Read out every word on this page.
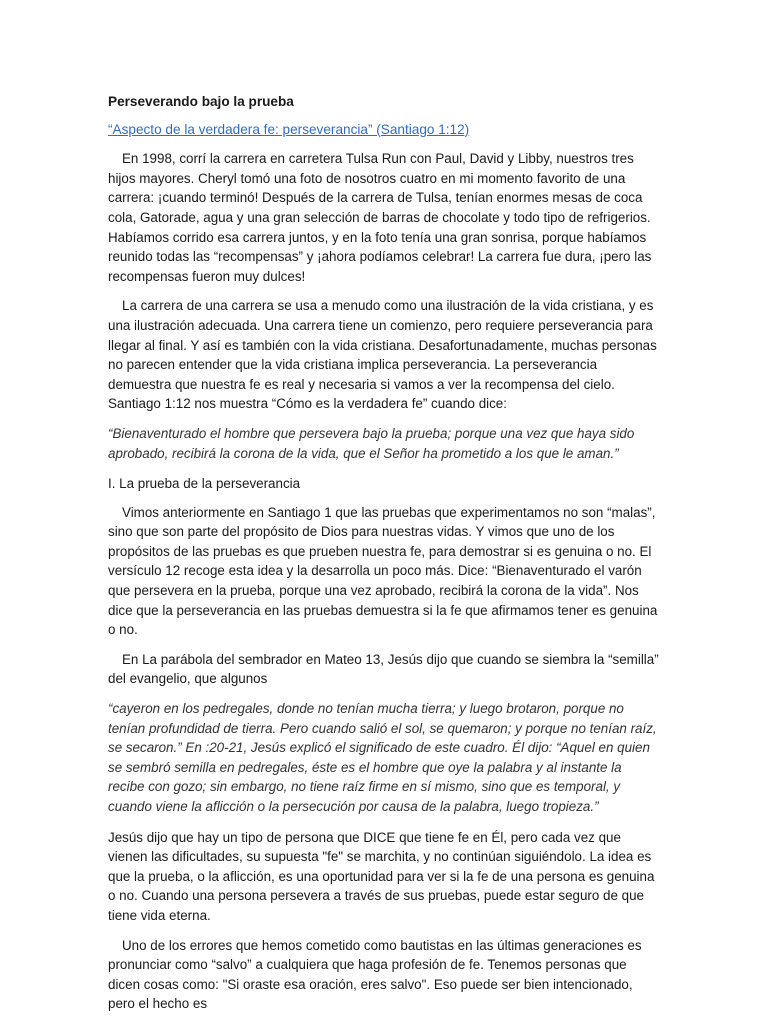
Perseverando bajo la prueba

“Aspecto de la verdadera fe: perseverancia” (Santiago 1:12)

En 1998, corrí la carrera en carretera Tulsa Run con Paul, David y Libby, nuestros tres hijos mayores. Cheryl tomó una foto de nosotros cuatro en mi momento favorito de una carrera: ¡cuando terminó! Después de la carrera de Tulsa, tenían enormes mesas de coca cola, Gatorade, agua y una gran selección de barras de chocolate y todo tipo de refrigerios. Habíamos corrido esa carrera juntos, y en la foto tenía una gran sonrisa, porque habíamos reunido todas las “recompensas” y ¡ahora podíamos celebrar! La carrera fue dura, ¡pero las recompensas fueron muy dulces!

La carrera de una carrera se usa a menudo como una ilustración de la vida cristiana, y es una ilustración adecuada. Una carrera tiene un comienzo, pero requiere perseverancia para llegar al final. Y así es también con la vida cristiana. Desafortunadamente, muchas personas no parecen entender que la vida cristiana implica perseverancia. La perseverancia demuestra que nuestra fe es real y necesaria si vamos a ver la recompensa del cielo. Santiago 1:12 nos muestra “Cómo es la verdadera fe” cuando dice:

“Bienaventurado el hombre que persevera bajo la prueba; porque una vez que haya sido aprobado, recibirá la corona de la vida, que el Señor ha prometido a los que le aman.”

I. La prueba de la perseverancia

Vimos anteriormente en Santiago 1 que las pruebas que experimentamos no son “malas”, sino que son parte del propósito de Dios para nuestras vidas. Y vimos que uno de los propósitos de las pruebas es que prueben nuestra fe, para demostrar si es genuina o no. El versículo 12 recoge esta idea y la desarrolla un poco más. Dice: “Bienaventurado el varón que persevera en la prueba, porque una vez aprobado, recibirá la corona de la vida”. Nos dice que la perseverancia en las pruebas demuestra si la fe que afirmamos tener es genuina o no.

En La parábola del sembrador en Mateo 13, Jesús dijo que cuando se siembra la “semilla” del evangelio, que algunos

“cayeron en los pedregales, donde no tenían mucha tierra; y luego brotaron, porque no tenían profundidad de tierra. Pero cuando salió el sol, se quemaron; y porque no tenían raíz, se secaron.” En :20-21, Jesús explicó el significado de este cuadro. Él dijo: “Aquel en quien se sembró semilla en pedregales, éste es el hombre que oye la palabra y al instante la recibe con gozo; sin embargo, no tiene raíz firme en sí mismo, sino que es temporal, y cuando viene la aflicción o la persecución por causa de la palabra, luego tropieza.”

Jesús dijo que hay un tipo de persona que DICE que tiene fe en Él, pero cada vez que vienen las dificultades, su supuesta "fe" se marchita, y no continúan siguiéndolo. La idea es que la prueba, o la aflicción, es una oportunidad para ver si la fe de una persona es genuina o no. Cuando una persona persevera a través de sus pruebas, puede estar seguro de que tiene vida eterna.

Uno de los errores que hemos cometido como bautistas en las últimas generaciones es pronunciar como “salvo” a cualquiera que haga profesión de fe. Tenemos personas que dicen cosas como: "Si oraste esa oración, eres salvo". Eso puede ser bien intencionado, pero el hecho es
